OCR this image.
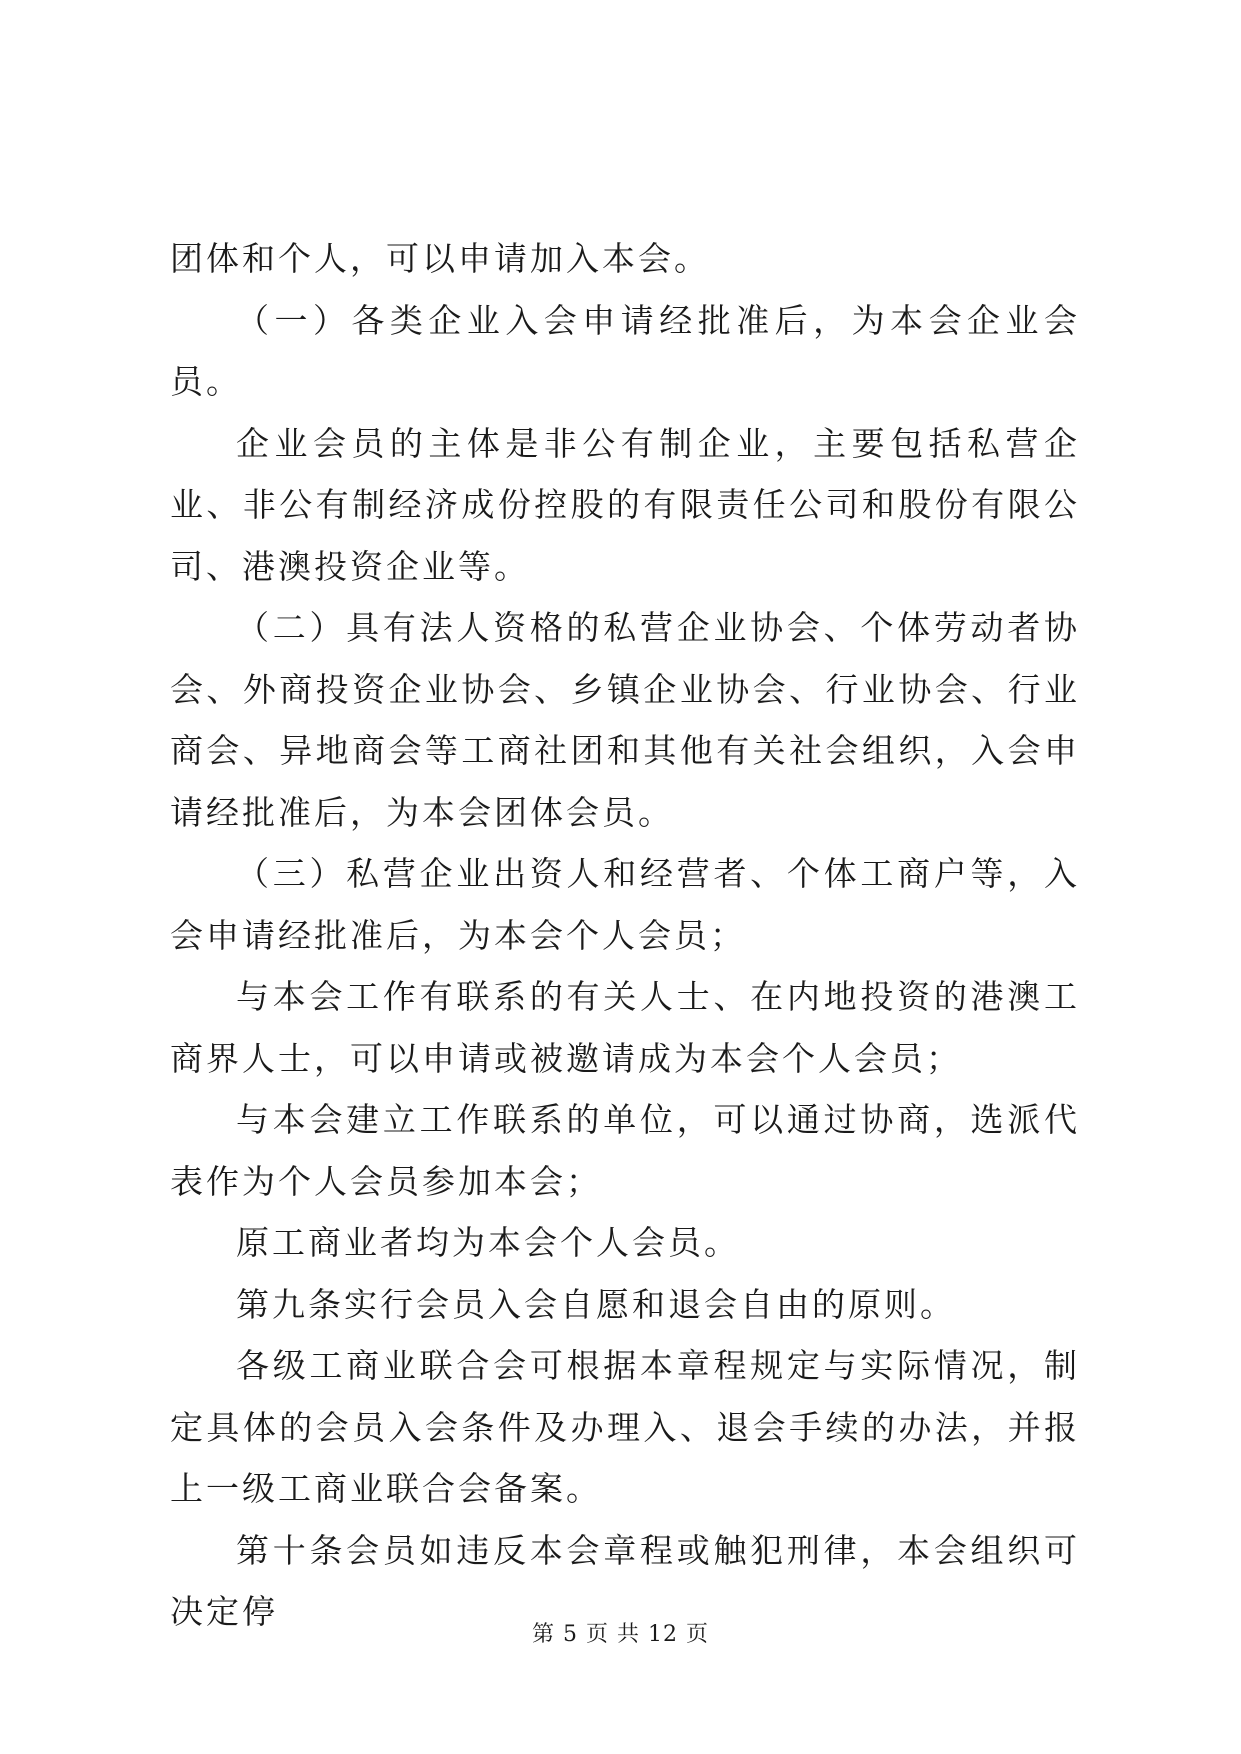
团体和个人，可以申请加入本会。

（一）各类企业入会申请经批准后，为本会企业会员。

企业会员的主体是非公有制企业，主要包括私营企业、非公有制经济成份控股的有限责任公司和股份有限公司、港澳投资企业等。

（二）具有法人资格的私营企业协会、个体劳动者协会、外商投资企业协会、乡镇企业协会、行业协会、行业商会、异地商会等工商社团和其他有关社会组织，入会申请经批准后，为本会团体会员。

（三）私营企业出资人和经营者、个体工商户等，入会申请经批准后，为本会个人会员；

与本会工作有联系的有关人士、在内地投资的港澳工商界人士，可以申请或被邀请成为本会个人会员；

与本会建立工作联系的单位，可以通过协商，选派代表作为个人会员参加本会；

原工商业者均为本会个人会员。

第九条实行会员入会自愿和退会自由的原则。

各级工商业联合会可根据本章程规定与实际情况，制定具体的会员入会条件及办理入、退会手续的办法，并报上一级工商业联合会备案。

第十条会员如违反本会章程或触犯刑律，本会组织可决定停

第 5 页 共 12 页
